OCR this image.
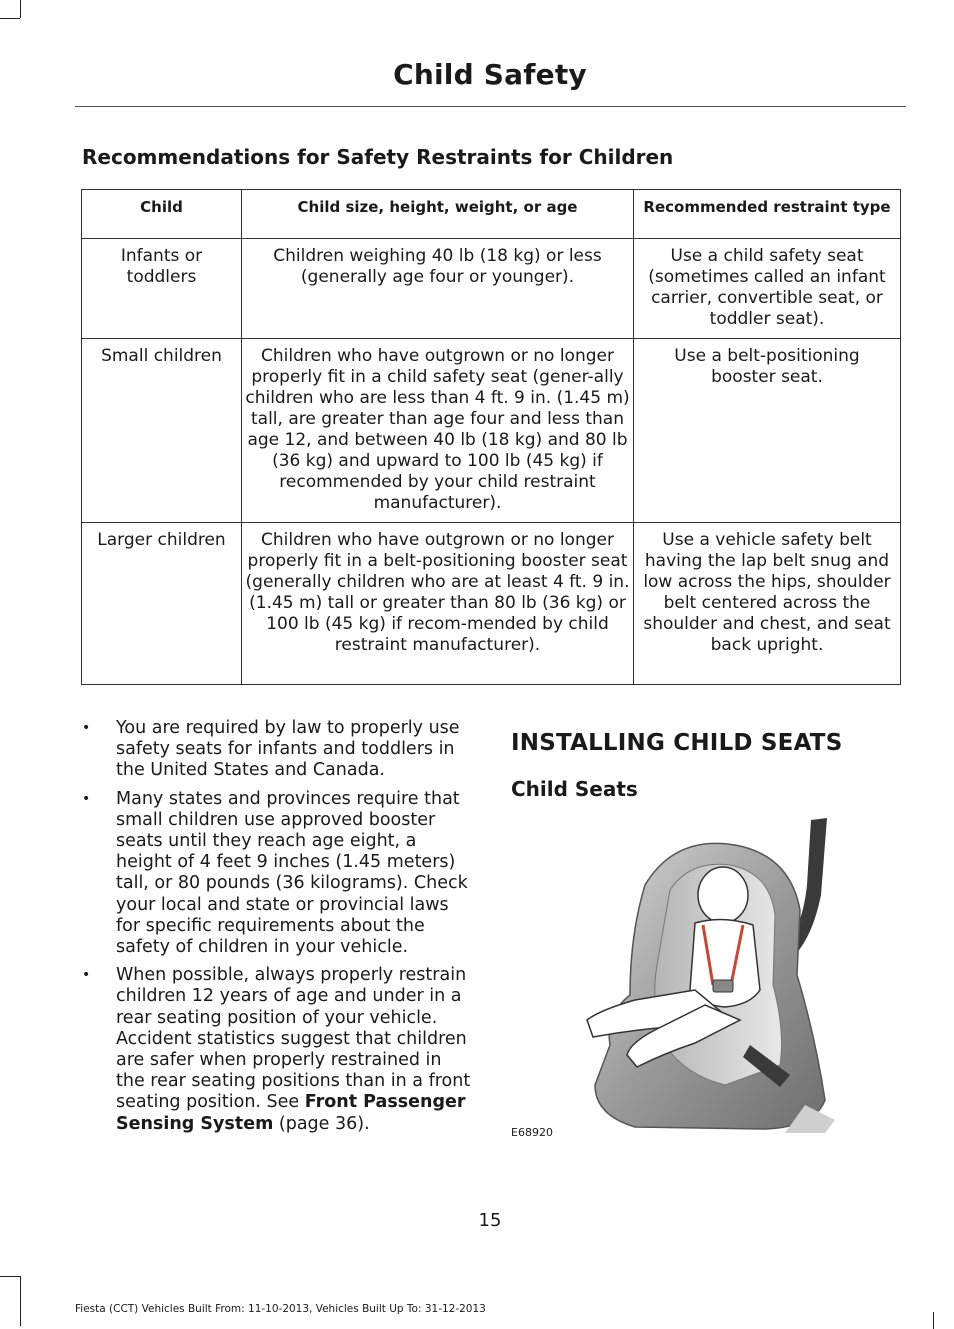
Child Safety
Recommendations for Safety Restraints for Children
Child	Child size, height, weight, or age	Recommended restraint type
Infants or toddlers	Children weighing 40 lb (18 kg) or less (generally age four or younger).	Use a child safety seat (sometimes called an infant carrier, convertible seat, or toddler seat).
Small children	Children who have outgrown or no longer properly fit in a child safety seat (gener-ally children who are less than 4 ft. 9 in. (1.45 m) tall, are greater than age four and less than age 12, and between 40 lb (18 kg) and 80 lb (36 kg) and upward to 100 lb (45 kg) if recommended by your child restraint manufacturer).	Use a belt-positioning booster seat.
Larger children	Children who have outgrown or no longer properly fit in a belt-positioning booster seat (generally children who are at least 4 ft. 9 in. (1.45 m) tall or greater than 80 lb (36 kg) or 100 lb (45 kg) if recom-mended by child restraint manufacturer).	Use a vehicle safety belt having the lap belt snug and low across the hips, shoulder belt centered across the shoulder and chest, and seat back upright.
• You are required by law to properly use safety seats for infants and toddlers in the United States and Canada.
• Many states and provinces require that small children use approved booster seats until they reach age eight, a height of 4 feet 9 inches (1.45 meters) tall, or 80 pounds (36 kilograms). Check your local and state or provincial laws for specific requirements about the safety of children in your vehicle.
• When possible, always properly restrain children 12 years of age and under in a rear seating position of your vehicle. Accident statistics suggest that children are safer when properly restrained in the rear seating positions than in a front seating position. See Front Passenger Sensing System (page 36).
INSTALLING CHILD SEATS
Child Seats
E68920
15
Fiesta (CCT) Vehicles Built From: 11-10-2013, Vehicles Built Up To: 31-12-2013
